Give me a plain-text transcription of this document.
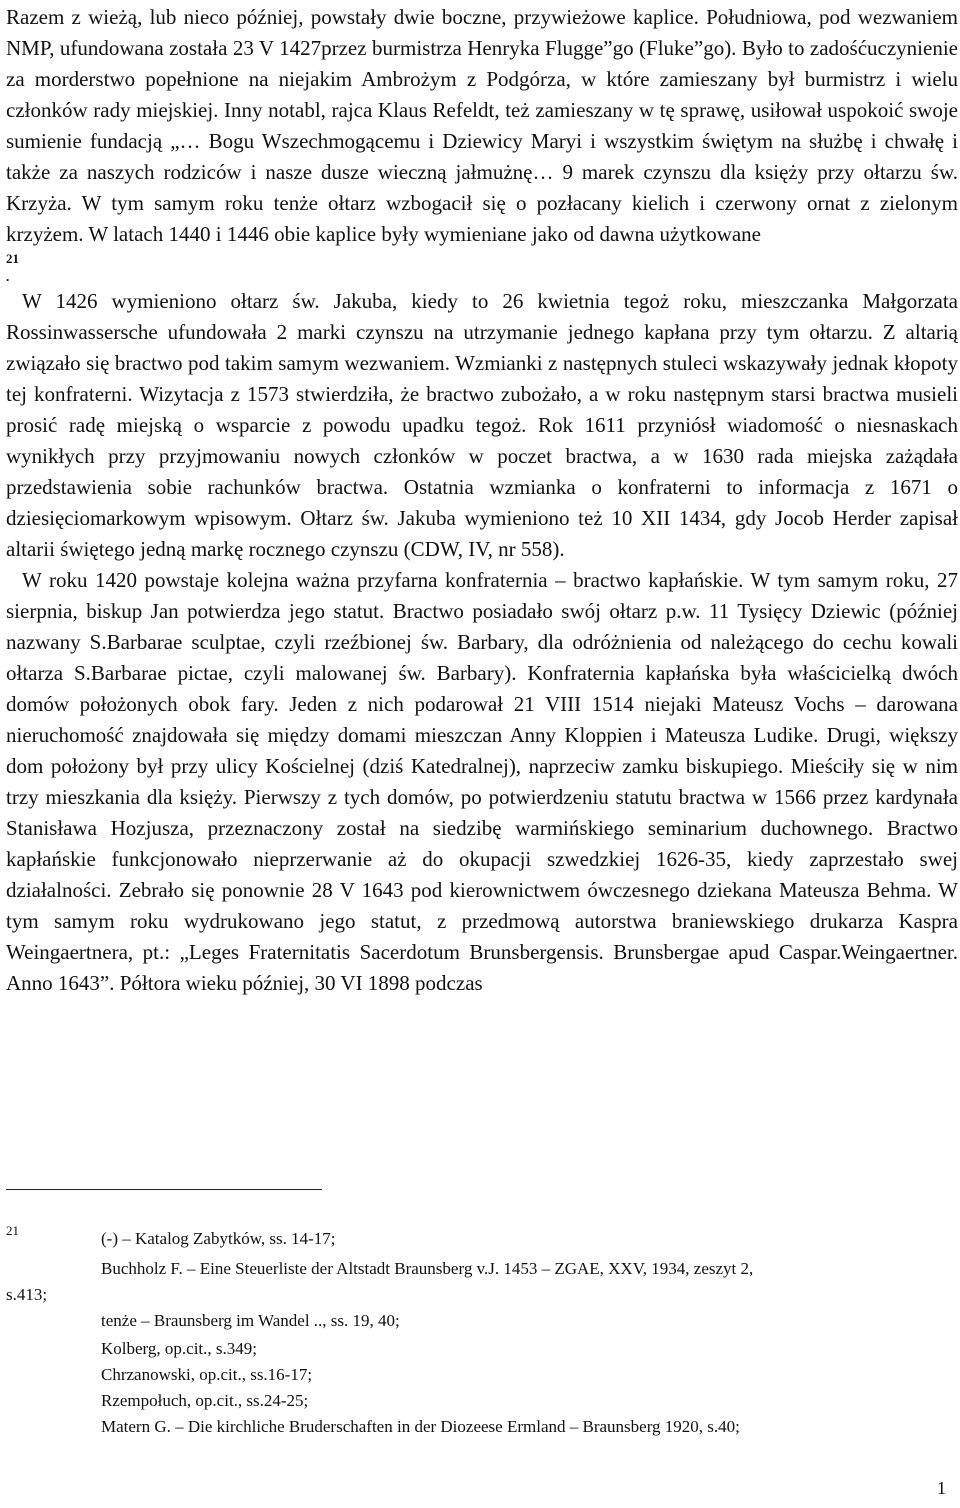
Razem z wieżą, lub nieco później, powstały dwie boczne, przywieżowe kaplice. Południowa, pod wezwaniem NMP, ufundowana została 23 V 1427przez burmistrza Henryka Flugge”go (Fluke”go). Było to zadośćuczynienie za morderstwo popełnione na niejakim Ambrożym z Podgórza, w które zamieszany był burmistrz i wielu członków rady miejskiej. Inny notabl, rajca Klaus Refeldt, też zamieszany w tę sprawę, usiłował uspokoić swoje sumienie fundacją „… Bogu Wszechmogącemu i Dziewicy Maryi i wszystkim świętym na służbę i chwałę i także za naszych rodziców i nasze dusze wieczną jałmużnę… 9 marek czynszu dla księży przy ołtarzu św. Krzyża. W tym samym roku tenże ołtarz wzbogacił się o pozłacany kielich i czerwony ornat z zielonym krzyżem. W latach 1440 i 1446 obie kaplice były wymieniane jako od dawna użytkowane

21
.

W 1426 wymieniono ołtarz św. Jakuba, kiedy to 26 kwietnia tegoż roku, mieszczanka Małgorzata Rossinwassersche ufundowała 2 marki czynszu na utrzymanie jednego kapłana przy tym ołtarzu. Z altarią związało się bractwo pod takim samym wezwaniem. Wzmianki z następnych stuleci wskazywały jednak kłopoty tej konfraterni. Wizytacja z 1573 stwierdziła, że bractwo zubożało, a w roku następnym starsi bractwa musieli prosić radę miejską o wsparcie z powodu upadku tegoż. Rok 1611 przyniósł wiadomość o niesnaskach wynikłych przy przyjmowaniu nowych członków w poczet bractwa, a w 1630 rada miejska zażądała przedstawienia sobie rachunków bractwa. Ostatnia wzmianka o konfraterni to informacja z 1671 o dziesięciomarkowym wpisowym. Ołtarz św. Jakuba wymieniono też 10 XII 1434, gdy Jocob Herder zapisał altarii świętego jedną markę rocznego czynszu (CDW, IV, nr 558).

W roku 1420 powstaje kolejna ważna przyfarna konfraternia – bractwo kapłańskie. W tym samym roku, 27 sierpnia, biskup Jan potwierdza jego statut. Bractwo posiadało swój ołtarz p.w. 11 Tysięcy Dziewic (później nazwany S.Barbarae sculptae, czyli rzeźbionej św. Barbary, dla odróżnienia od należącego do cechu kowali ołtarza S.Barbarae pictae, czyli malowanej św. Barbary). Konfraternia kapłańska była właścicielką dwóch domów położonych obok fary. Jeden z nich podarował 21 VIII 1514 niejaki Mateusz Vochs – darowana nieruchomość znajdowała się między domami mieszczan Anny Kloppien i Mateusza Ludike. Drugi, większy dom położony był przy ulicy Kościelnej (dziś Katedralnej), naprzeciw zamku biskupiego. Mieściły się w nim trzy mieszkania dla księży. Pierwszy z tych domów, po potwierdzeniu statutu bractwa w 1566 przez kardynała Stanisława Hozjusza, przeznaczony został na siedzibę warmińskiego seminarium duchownego. Bractwo kapłańskie funkcjonowało nieprzerwanie aż do okupacji szwedzkiej 1626-35, kiedy zaprzestało swej działalności. Zebrało się ponownie 28 V 1643 pod kierownictwem ówczesnego dziekana Mateusza Behma. W tym samym roku wydrukowano jego statut, z przedmową autorstwa braniewskiego drukarza Kaspra Weingaertnera, pt.: „Leges Fraternitatis Sacerdotum Brunsbergensis. Brunsbergae apud Caspar.Weingaertner. Anno 1643”. Półtora wieku później, 30 VI 1898 podczas

21	(-) – Katalog Zabytków, ss. 14-17;
Buchholz F. – Eine Steuerliste der Altstadt Braunsberg v.J. 1453 – ZGAE, XXV, 1934, zeszyt 2,
s.413;
tenże – Braunsberg im Wandel .., ss. 19, 40;
Kolberg, op.cit., s.349;
Chrzanowski, op.cit., ss.16-17;
Rzempołuch, op.cit., ss.24-25;
Matern G. – Die kirchliche Bruderschaften in der Diozeese Ermland – Braunsberg 1920, s.40;
1
